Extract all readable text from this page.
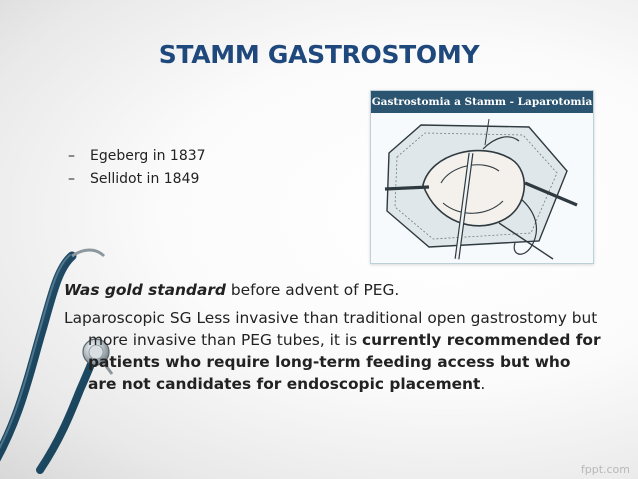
STAMM GASTROSTOMY
– Egeberg in 1837
– Sellidot in 1849
Gastrostomia a Stamm - Laparotomia

Was gold standard before advent of PEG.

Laparoscopic SG Less invasive than traditional open gastrostomy but more invasive than PEG tubes, it is currently recommended for patients who require long-term feeding access but who are not candidates for endoscopic placement.

fppt.com
